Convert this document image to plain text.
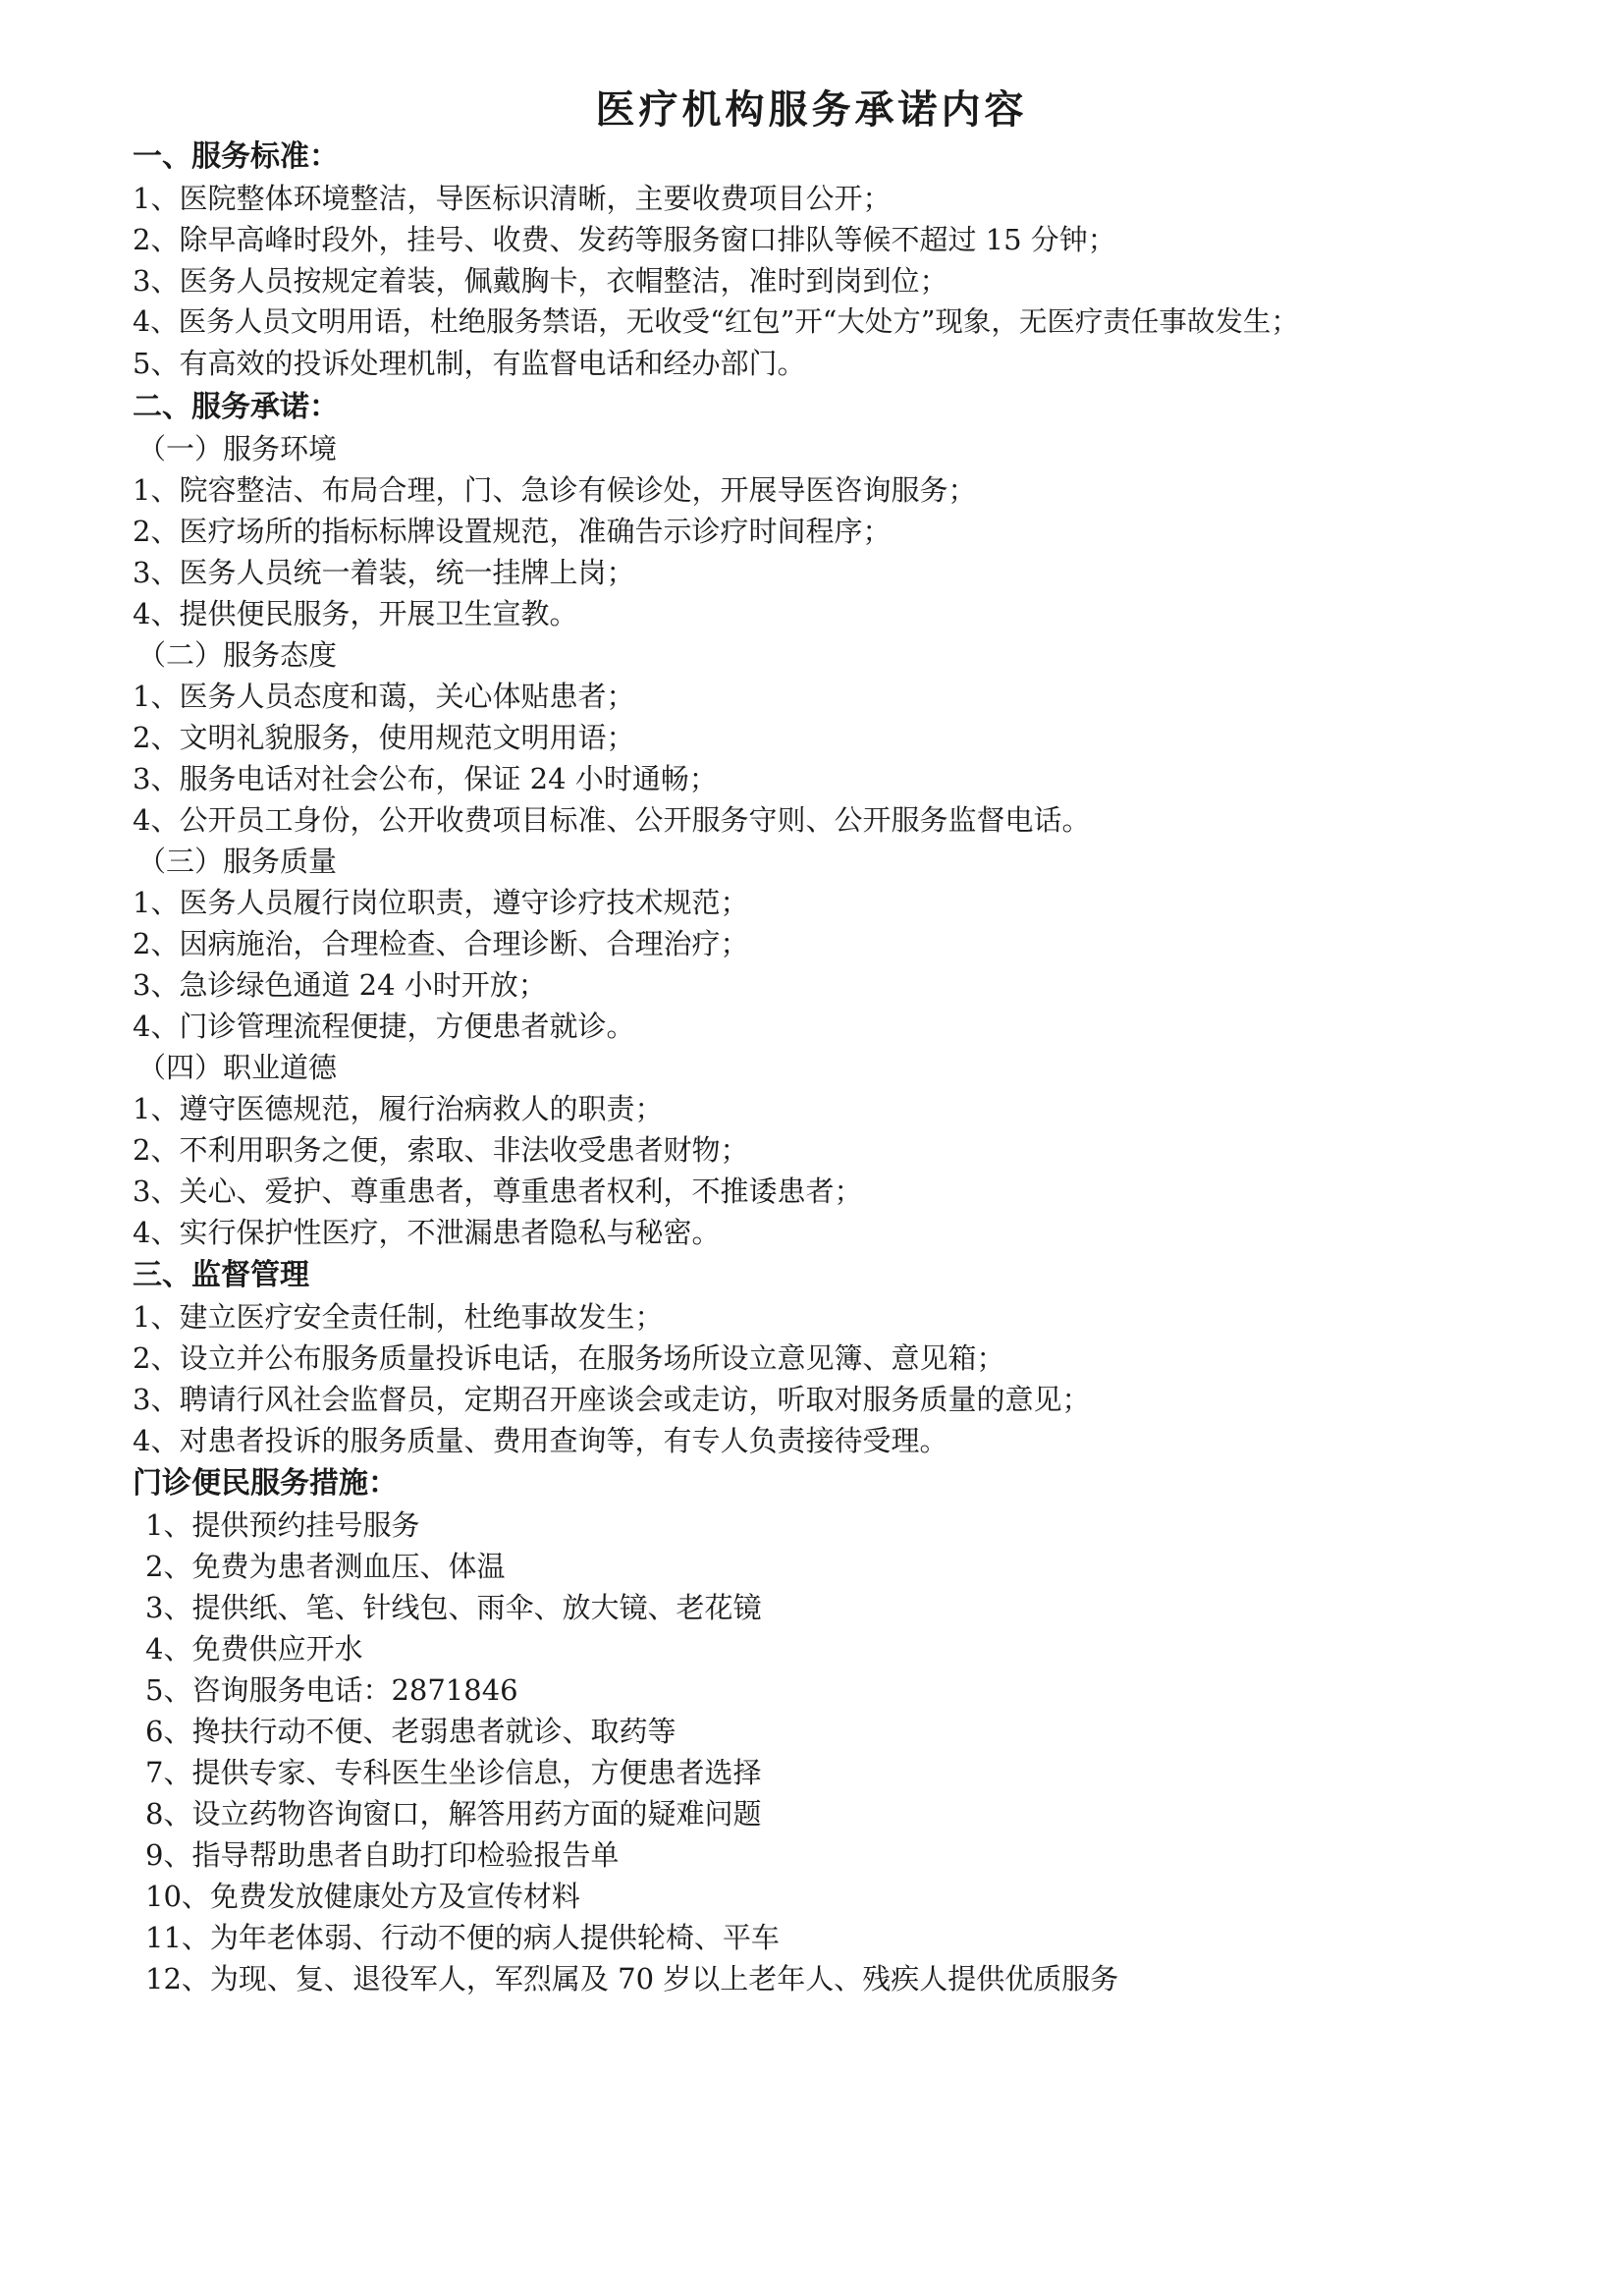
医疗机构服务承诺内容
一、服务标准：
1、医院整体环境整洁，导医标识清晰，主要收费项目公开；
2、除早高峰时段外，挂号、收费、发药等服务窗口排队等候不超过 15 分钟；
3、医务人员按规定着装，佩戴胸卡，衣帽整洁，准时到岗到位；
4、医务人员文明用语，杜绝服务禁语，无收受“红包”开“大处方”现象，无医疗责任事故发生；
5、有高效的投诉处理机制，有监督电话和经办部门。
二、服务承诺：
（一）服务环境
1、院容整洁、布局合理，门、急诊有候诊处，开展导医咨询服务；
2、医疗场所的指标标牌设置规范，准确告示诊疗时间程序；
3、医务人员统一着装，统一挂牌上岗；
4、提供便民服务，开展卫生宣教。
（二）服务态度
1、医务人员态度和蔼，关心体贴患者；
2、文明礼貌服务，使用规范文明用语；
3、服务电话对社会公布，保证 24 小时通畅；
4、公开员工身份，公开收费项目标准、公开服务守则、公开服务监督电话。
（三）服务质量
1、医务人员履行岗位职责，遵守诊疗技术规范；
2、因病施治，合理检查、合理诊断、合理治疗；
3、急诊绿色通道 24 小时开放；
4、门诊管理流程便捷，方便患者就诊。
（四）职业道德
1、遵守医德规范，履行治病救人的职责；
2、不利用职务之便，索取、非法收受患者财物；
3、关心、爱护、尊重患者，尊重患者权利，不推诿患者；
4、实行保护性医疗，不泄漏患者隐私与秘密。
三、监督管理
1、建立医疗安全责任制，杜绝事故发生；
2、设立并公布服务质量投诉电话，在服务场所设立意见簿、意见箱；
3、聘请行风社会监督员，定期召开座谈会或走访，听取对服务质量的意见；
4、对患者投诉的服务质量、费用查询等，有专人负责接待受理。
门诊便民服务措施：
1、提供预约挂号服务
2、免费为患者测血压、体温
3、提供纸、笔、针线包、雨伞、放大镜、老花镜
4、免费供应开水
5、咨询服务电话：2871846
6、搀扶行动不便、老弱患者就诊、取药等
7、提供专家、专科医生坐诊信息，方便患者选择
8、设立药物咨询窗口，解答用药方面的疑难问题
9、指导帮助患者自助打印检验报告单
10、免费发放健康处方及宣传材料
11、为年老体弱、行动不便的病人提供轮椅、平车
12、为现、复、退役军人，军烈属及 70 岁以上老年人、残疾人提供优质服务
